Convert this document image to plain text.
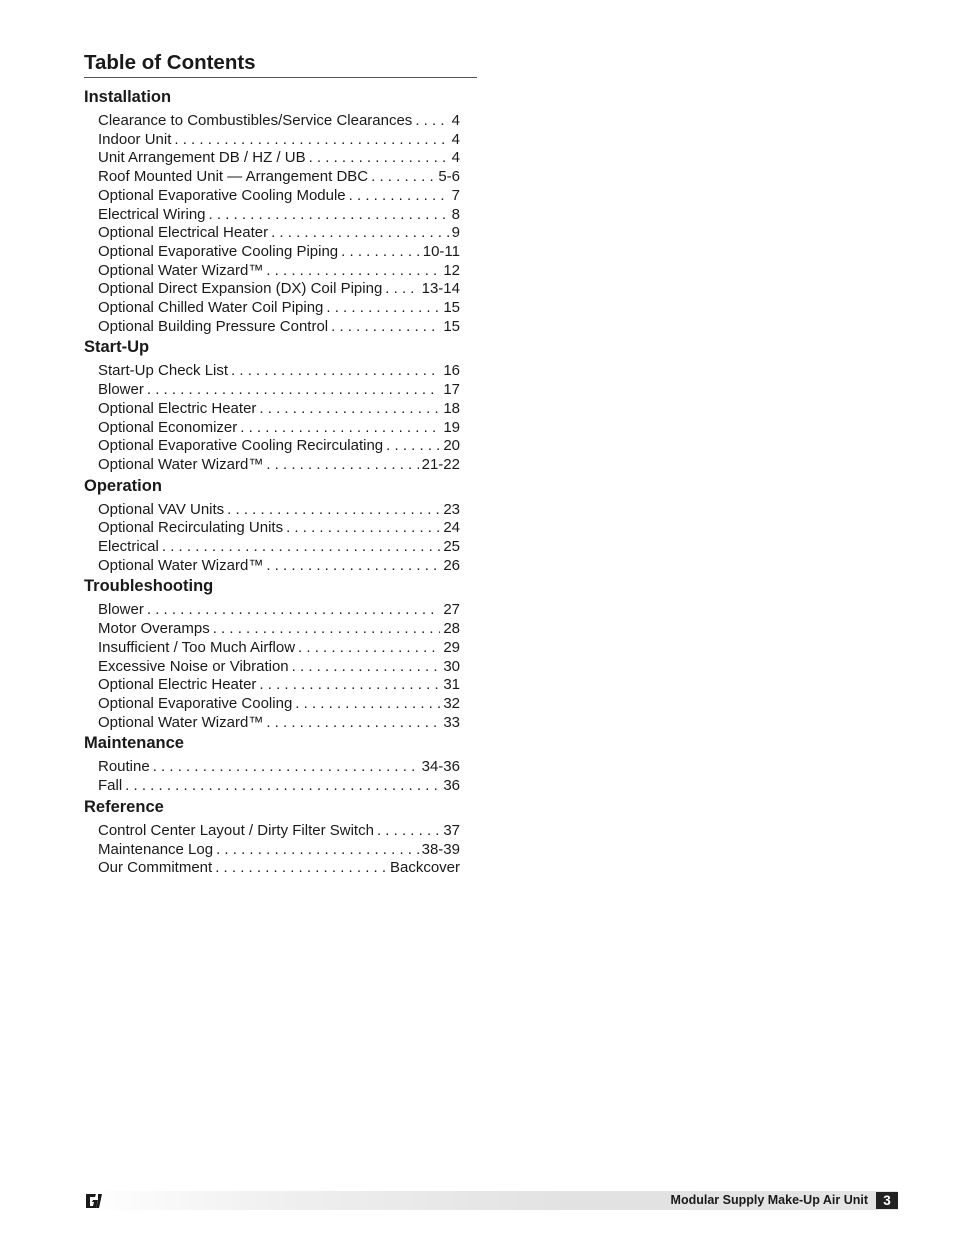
Table of Contents
Installation
Clearance to Combustibles/Service Clearances . . .	4
Indoor Unit . . .	4
Unit Arrangement DB / HZ / UB . . .	4
Roof Mounted Unit — Arrangement DBC . . .	5-6
Optional Evaporative Cooling Module . . .	7
Electrical Wiring . . .	8
Optional Electrical Heater . . .	9
Optional Evaporative Cooling Piping . . .	10-11
Optional Water Wizard™ . . .	12
Optional Direct Expansion (DX) Coil Piping . . .	13-14
Optional Chilled Water Coil Piping . . .	15
Optional Building Pressure Control . . .	15
Start-Up
Start-Up Check List . . .	16
Blower . . .	17
Optional Electric Heater . . .	18
Optional Economizer . . .	19
Optional Evaporative Cooling Recirculating . . .	20
Optional Water Wizard™ . . .	21-22
Operation
Optional VAV Units . . .	23
Optional Recirculating Units . . .	24
Electrical . . .	25
Optional Water Wizard™ . . .	26
Troubleshooting
Blower . . .	27
Motor Overamps . . .	28
Insufficient / Too Much Airflow . . .	29
Excessive Noise or Vibration . . .	30
Optional Electric Heater . . .	31
Optional Evaporative Cooling . . .	32
Optional Water Wizard™ . . .	33
Maintenance
Routine . . .	34-36
Fall . . .	36
Reference
Control Center Layout / Dirty Filter Switch . . .	37
Maintenance Log . . .	38-39
Our Commitment . . .	Backcover
Modular Supply Make-Up Air Unit	3
